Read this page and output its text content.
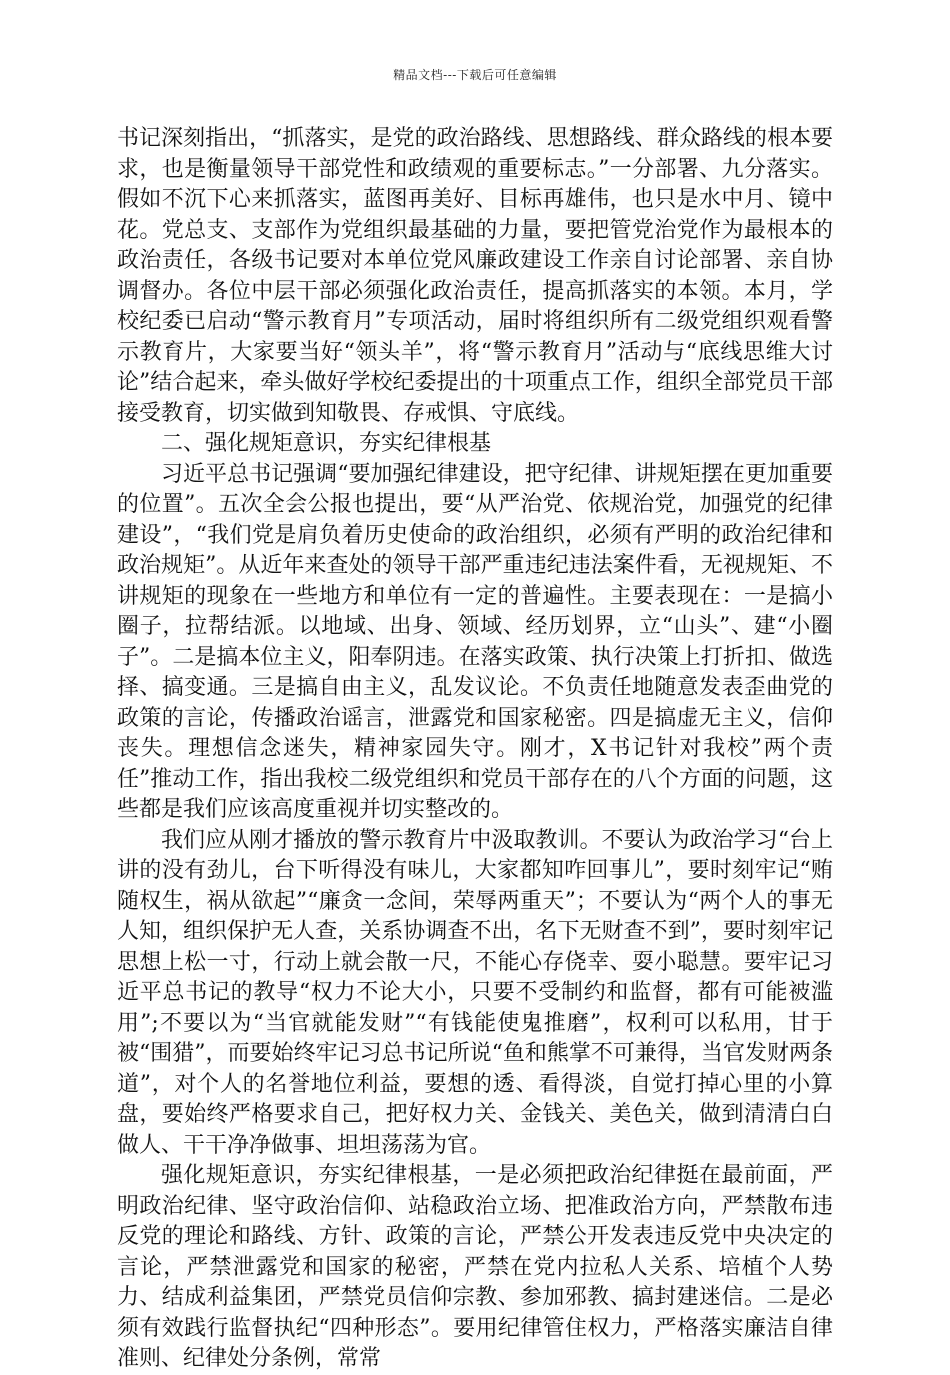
精品文档---下载后可任意编辑

书记深刻指出，“抓落实，是党的政治路线、思想路线、群众路线的根本要求，也是衡量领导干部党性和政绩观的重要标志。”一分部署、九分落实。假如不沉下心来抓落实，蓝图再美好、目标再雄伟，也只是水中月、镜中花。党总支、支部作为党组织最基础的力量，要把管党治党作为最根本的政治责任，各级书记要对本单位党风廉政建设工作亲自讨论部署、亲自协调督办。各位中层干部必须强化政治责任，提高抓落实的本领。本月，学校纪委已启动“警示教育月”专项活动，届时将组织所有二级党组织观看警示教育片，大家要当好“领头羊”，将“警示教育月”活动与“底线思维大讨论”结合起来，牵头做好学校纪委提出的十项重点工作，组织全部党员干部接受教育，切实做到知敬畏、存戒惧、守底线。

二、强化规矩意识，夯实纪律根基

习近平总书记强调“要加强纪律建设，把守纪律、讲规矩摆在更加重要的位置”。五次全会公报也提出，要“从严治党、依规治党，加强党的纪律建设”，“我们党是肩负着历史使命的政治组织，必须有严明的政治纪律和政治规矩”。从近年来查处的领导干部严重违纪违法案件看，无视规矩、不讲规矩的现象在一些地方和单位有一定的普遍性。主要表现在：一是搞小圈子，拉帮结派。以地域、出身、领域、经历划界，立“山头”、建“小圈子”。二是搞本位主义，阳奉阴违。在落实政策、执行决策上打折扣、做选择、搞变通。三是搞自由主义，乱发议论。不负责任地随意发表歪曲党的政策的言论，传播政治谣言，泄露党和国家秘密。四是搞虚无主义，信仰丧失。理想信念迷失，精神家园失守。刚才，X书记针对我校”两个责任”推动工作，指出我校二级党组织和党员干部存在的八个方面的问题，这些都是我们应该高度重视并切实整改的。

我们应从刚才播放的警示教育片中汲取教训。不要认为政治学习“台上讲的没有劲儿，台下听得没有味儿，大家都知咋回事儿”，要时刻牢记“贿随权生，祸从欲起”“廉贪一念间，荣辱两重天”；不要认为“两个人的事无人知，组织保护无人查，关系协调查不出，名下无财查不到”，要时刻牢记思想上松一寸，行动上就会散一尺，不能心存侥幸、耍小聪慧。要牢记习近平总书记的教导“权力不论大小，只要不受制约和监督，都有可能被滥用”;不要以为“当官就能发财”“有钱能使鬼推磨”，权利可以私用，甘于被“围猎”，而要始终牢记习总书记所说“鱼和熊掌不可兼得，当官发财两条道”，对个人的名誉地位利益，要想的透、看得淡，自觉打掉心里的小算盘，要始终严格要求自己，把好权力关、金钱关、美色关，做到清清白白做人、干干净净做事、坦坦荡荡为官。

强化规矩意识，夯实纪律根基，一是必须把政治纪律挺在最前面，严明政治纪律、坚守政治信仰、站稳政治立场、把准政治方向，严禁散布违反党的理论和路线、方针、政策的言论，严禁公开发表违反党中央决定的言论，严禁泄露党和国家的秘密，严禁在党内拉私人关系、培植个人势力、结成利益集团，严禁党员信仰宗教、参加邪教、搞封建迷信。二是必须有效践行监督执纪“四种形态”。要用纪律管住权力，严格落实廉洁自律准则、纪律处分条例，常常
